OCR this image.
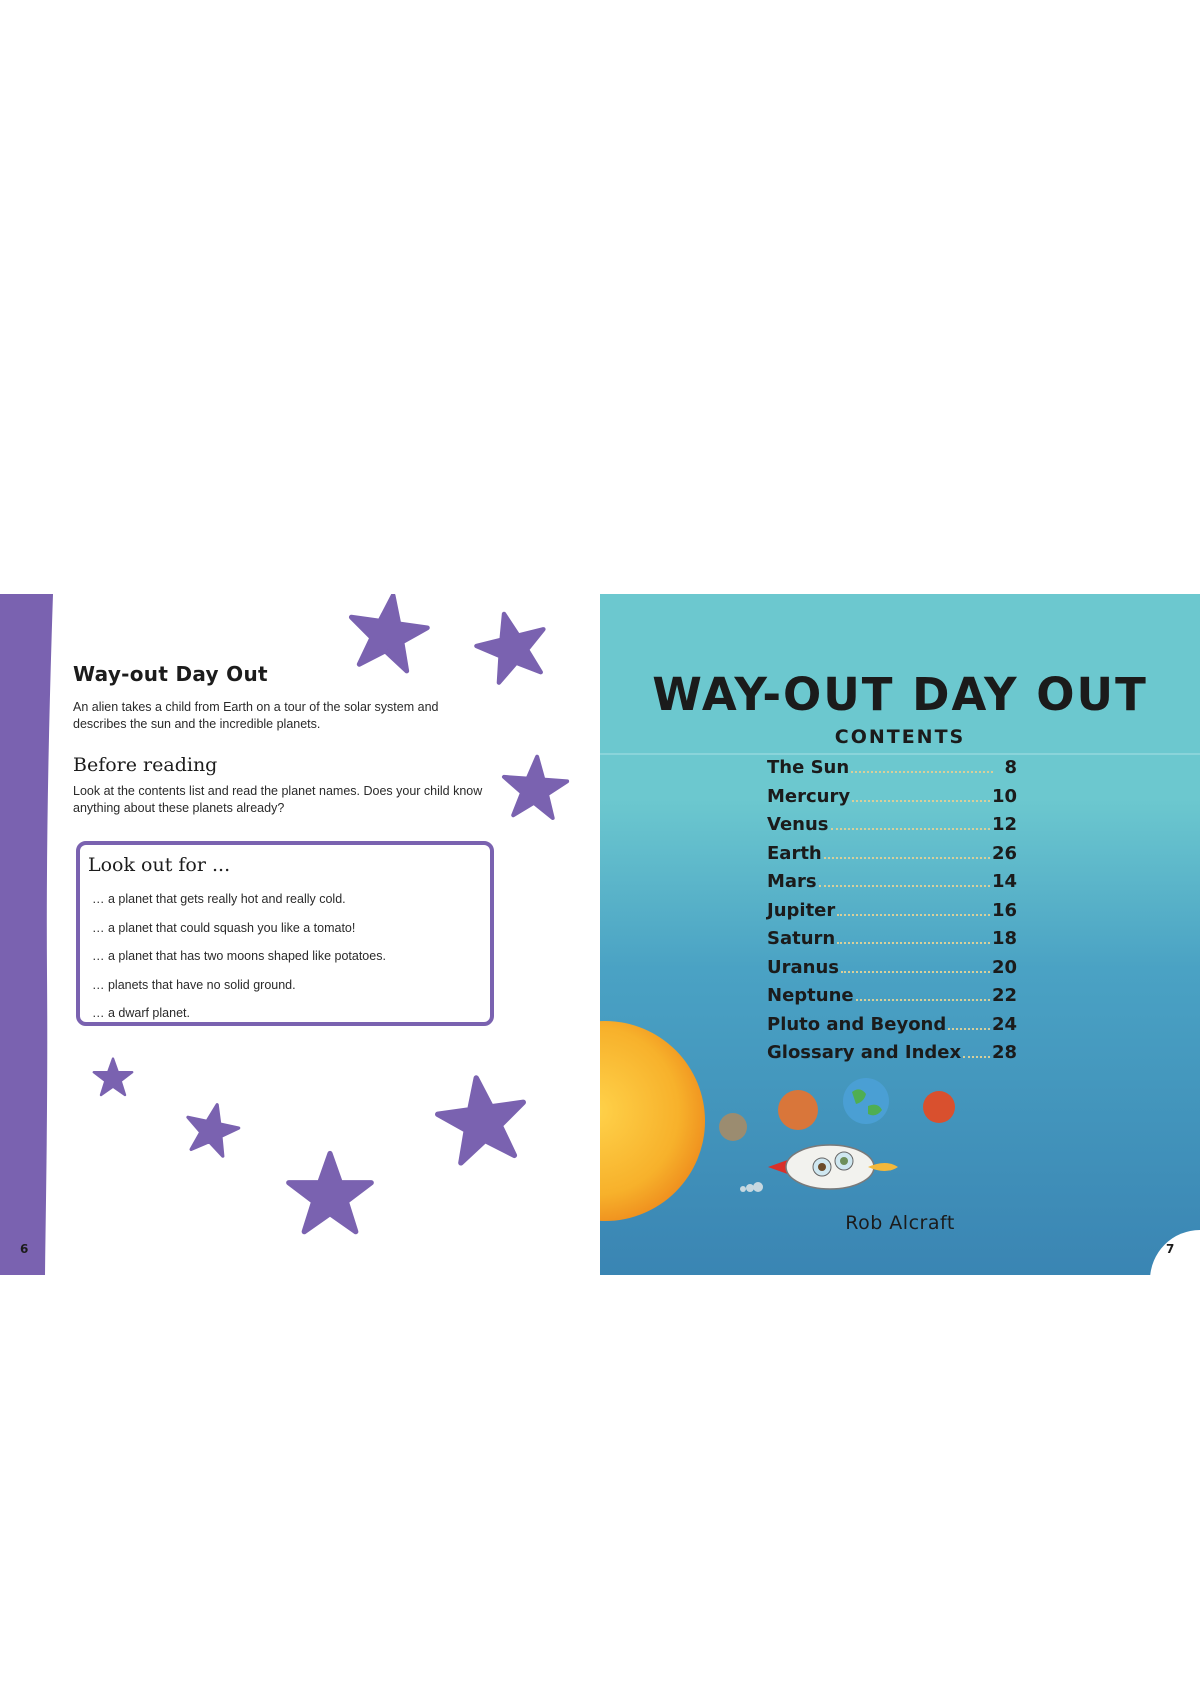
Way-out Day Out
An alien takes a child from Earth on a tour of the solar system and describes the sun and the incredible planets.
Before reading
Look at the contents list and read the planet names. Does your child know anything about these planets already?
Look out for ...
… a planet that gets really hot and really cold.
… a planet that could squash you like a tomato!
… a planet that has two moons shaped like potatoes.
… planets that have no solid ground.
… a dwarf planet.
6
WAY-OUT DAY OUT
CONTENTS
The Sun	8
Mercury	10
Venus	12
Earth	26
Mars	14
Jupiter	16
Saturn	18
Uranus	20
Neptune	22
Pluto and Beyond	24
Glossary and Index 28
Rob Alcraft
7
